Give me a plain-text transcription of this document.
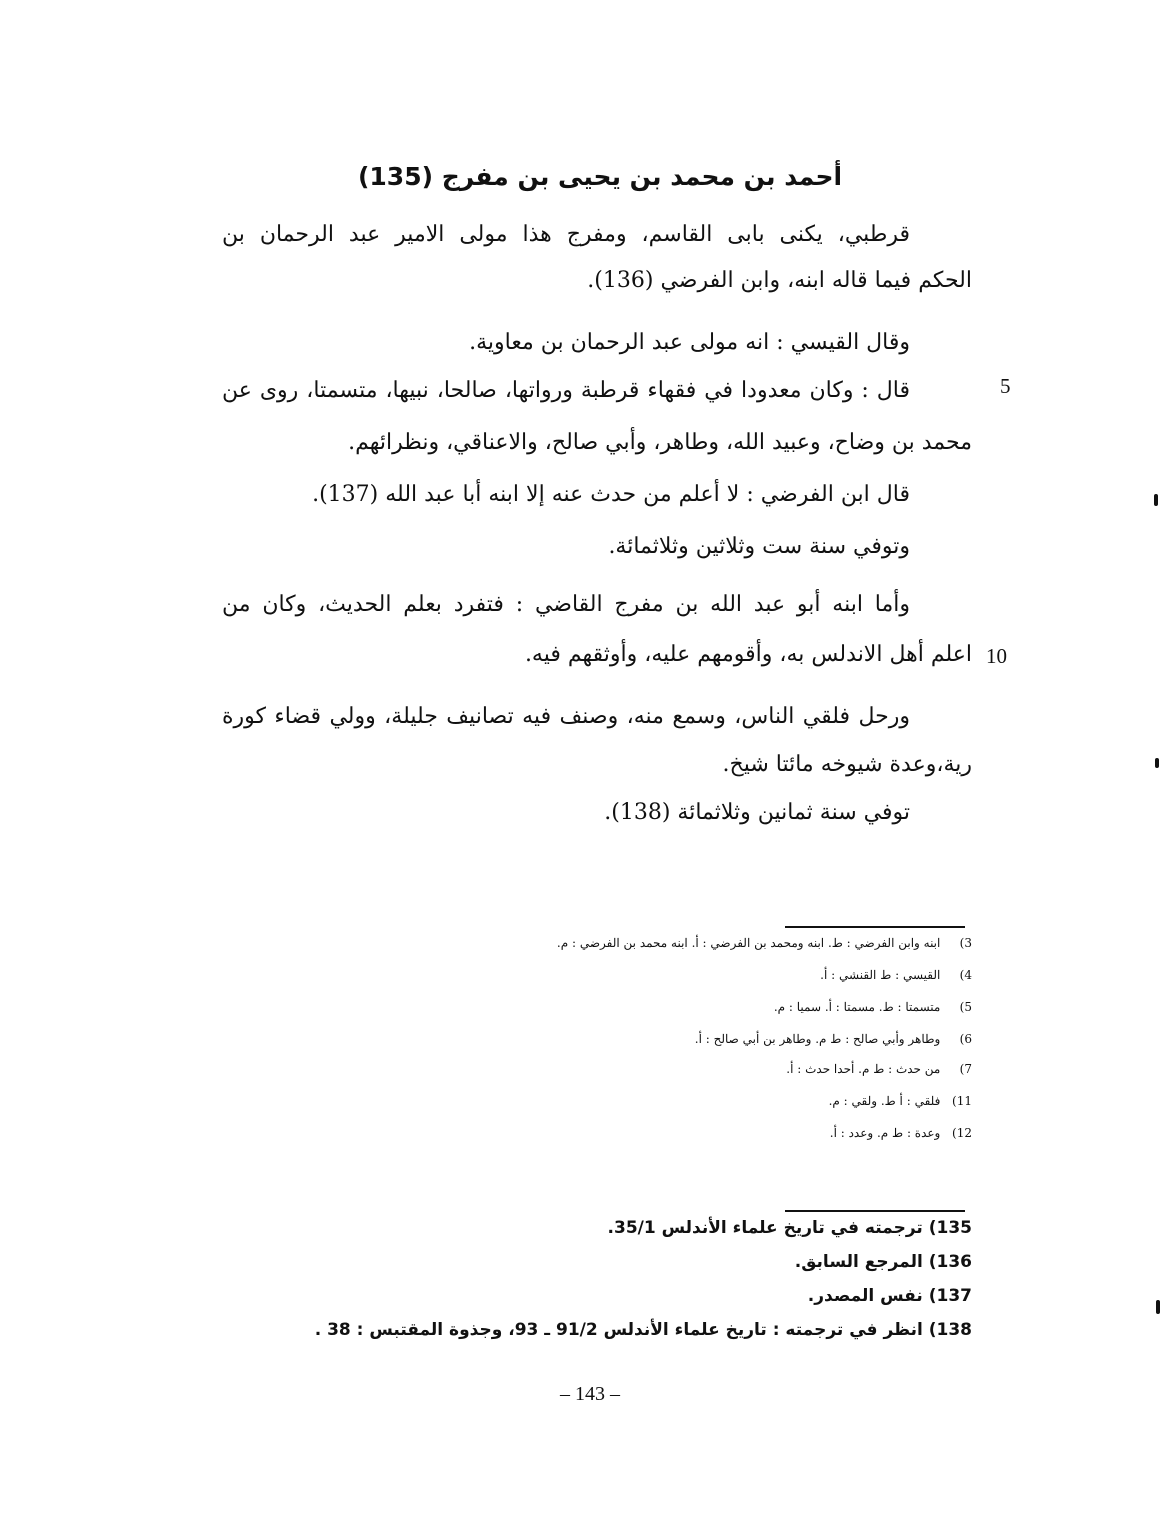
أحمد بن محمد بن يحيى بن مفرج (135)
قرطبي، يكنى بابى القاسم، ومفرج هذا مولى الامير عبد الرحمان بن
الحكم فيما قاله ابنه، وابن الفرضي (136).
وقال القيسي : انه مولى عبد الرحمان بن معاوية.
قال : وكان معدودا في فقهاء قرطبة ورواتها، صالحا، نبيها، متسمتا، روى عن
محمد بن وضاح، وعبيد الله، وطاهر، وأبي صالح، والاعناقي، ونظرائهم.
قال ابن الفرضي : لا أعلم من حدث عنه إلا ابنه أبا عبد الله (137).
وتوفي سنة ست وثلاثين وثلاثمائة.
وأما ابنه أبو عبد الله بن مفرج القاضي : فتفرد بعلم الحديث، وكان من
اعلم أهل الاندلس به، وأقومهم عليه، وأوثقهم فيه.
ورحل فلقي الناس، وسمع منه، وصنف فيه تصانيف جليلة، وولي قضاء كورة
رية،وعدة شيوخه مائتا شيخ.
توفي سنة ثمانين وثلاثمائة (138).
5
10
3)  ابنه وابن الفرضي : ط. ابنه ومحمد بن الفرضي : أ. ابنه محمد بن الفرضي : م.
4)  القيسي : ط القنشي : أ.
5)  متسمتا : ط. مسمتا : أ. سميا : م.
6)  وطاهر وأبي صالح : ط م. وطاهر بن أبي صالح : أ.
7)  من حدث : ط م. أحدا حدث : أ.
11)  فلقي : أ ط. ولقي : م.
12)  وعدة : ط م. وعدد : أ.
135) ترجمته في تاريخ علماء الأندلس 35/1.
136) المرجع السابق.
137) نفس المصدر.
138) انظر في ترجمته : تاريخ علماء الأندلس 91/2 ـ 93، وجذوة المقتبس : 38 .
– 143 –
